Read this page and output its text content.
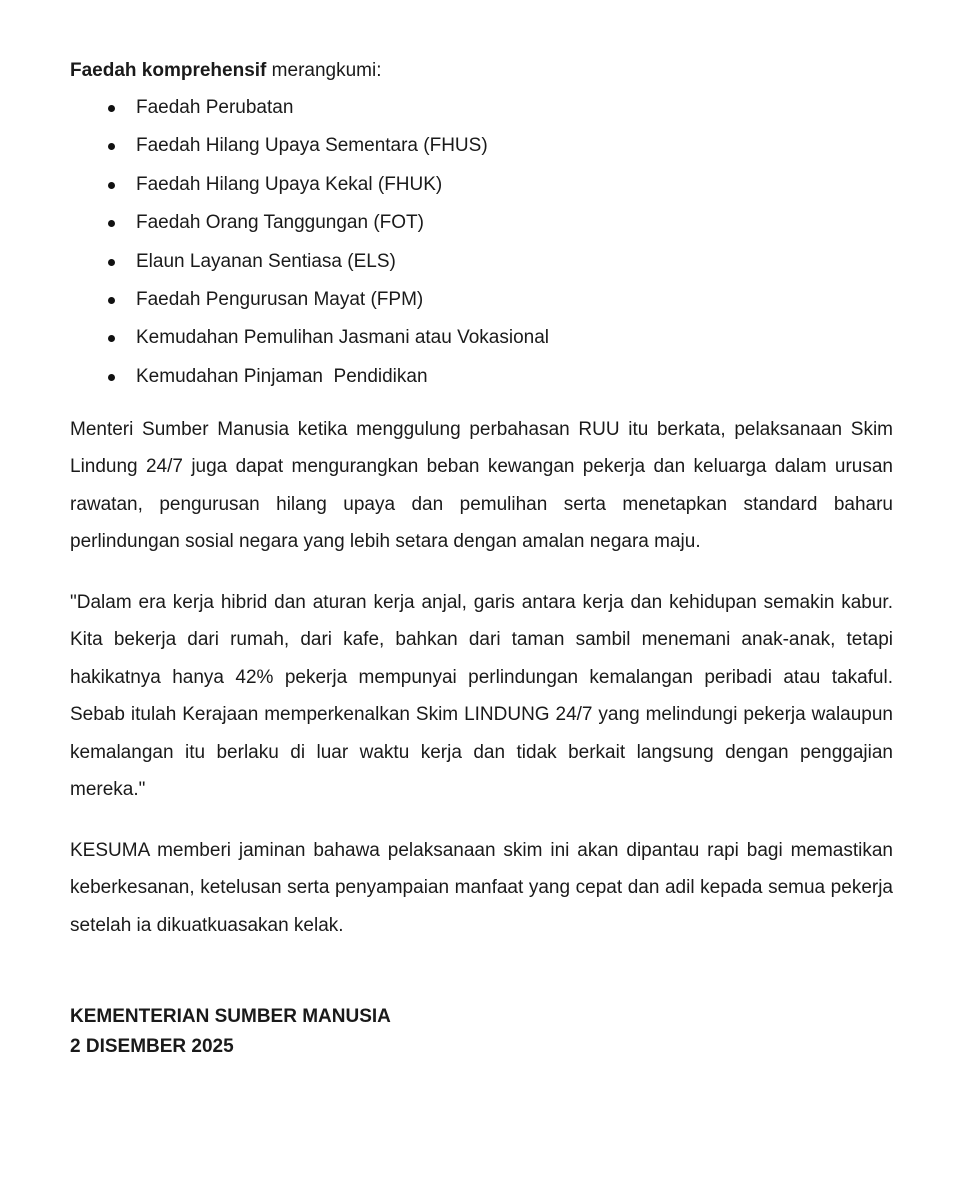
Faedah komprehensif merangkumi:

Faedah Perubatan
Faedah Hilang Upaya Sementara (FHUS)
Faedah Hilang Upaya Kekal (FHUK)
Faedah Orang Tanggungan (FOT)
Elaun Layanan Sentiasa (ELS)
Faedah Pengurusan Mayat (FPM)
Kemudahan Pemulihan Jasmani atau Vokasional
Kemudahan Pinjaman  Pendidikan

Menteri Sumber Manusia ketika menggulung perbahasan RUU itu berkata, pelaksanaan Skim Lindung 24/7 juga dapat mengurangkan beban kewangan pekerja dan keluarga dalam urusan rawatan, pengurusan hilang upaya dan pemulihan serta menetapkan standard baharu perlindungan sosial negara yang lebih setara dengan amalan negara maju.

"Dalam era kerja hibrid dan aturan kerja anjal, garis antara kerja dan kehidupan semakin kabur. Kita bekerja dari rumah, dari kafe, bahkan dari taman sambil menemani anak-anak, tetapi hakikatnya hanya 42% pekerja mempunyai perlindungan kemalangan peribadi atau takaful. Sebab itulah Kerajaan memperkenalkan Skim LINDUNG 24/7 yang melindungi pekerja walaupun kemalangan itu berlaku di luar waktu kerja dan tidak berkait langsung dengan penggajian mereka."

KESUMA memberi jaminan bahawa pelaksanaan skim ini akan dipantau rapi bagi memastikan keberkesanan, ketelusan serta penyampaian manfaat yang cepat dan adil kepada semua pekerja setelah ia dikuatkuasakan kelak.

KEMENTERIAN SUMBER MANUSIA
2 DISEMBER 2025
